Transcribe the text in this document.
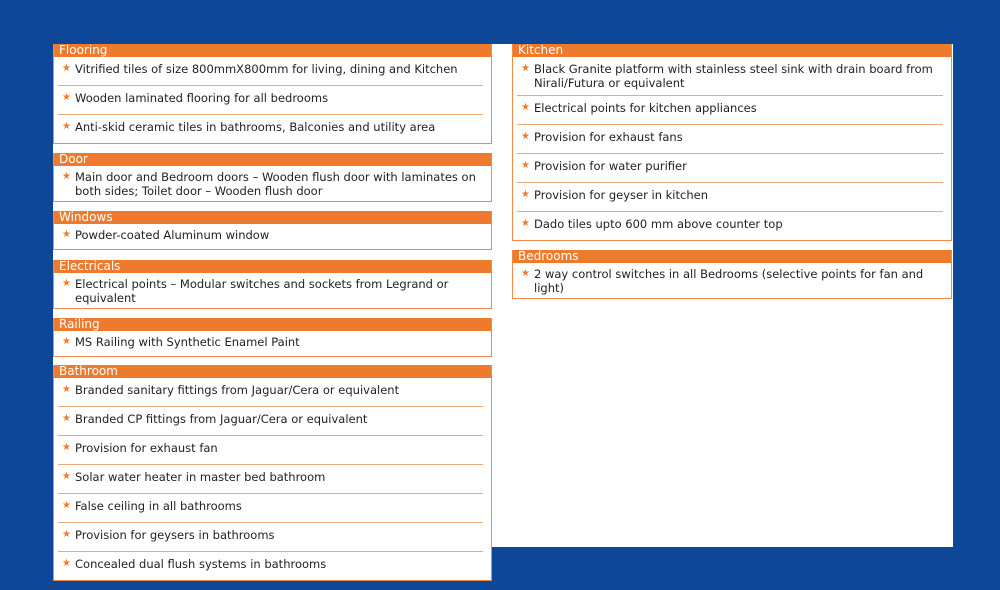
Flooring
★ Vitrified tiles of size 800mmX800mm for living, dining and Kitchen
★ Wooden laminated flooring for all bedrooms
★ Anti-skid ceramic tiles in bathrooms, Balconies and utility area
Door
★ Main door and Bedroom doors – Wooden flush door with laminates on both sides; Toilet door – Wooden flush door
Windows
★ Powder-coated Aluminum window
Electricals
★ Electrical points – Modular switches and sockets from Legrand or equivalent
Railing
★ MS Railing with Synthetic Enamel Paint
Bathroom
★ Branded sanitary fittings from Jaguar/Cera or equivalent
★ Branded CP fittings from Jaguar/Cera or equivalent
★ Provision for exhaust fan
★ Solar water heater in master bed bathroom
★ False ceiling in all bathrooms
★ Provision for geysers in bathrooms
★ Concealed dual flush systems in bathrooms
Kitchen
★ Black Granite platform with stainless steel sink with drain board from Nirali/Futura or equivalent
★ Electrical points for kitchen appliances
★ Provision for exhaust fans
★ Provision for water purifier
★ Provision for geyser in kitchen
★ Dado tiles upto 600 mm above counter top
Bedrooms
★ 2 way control switches in all Bedrooms (selective points for fan and light)
